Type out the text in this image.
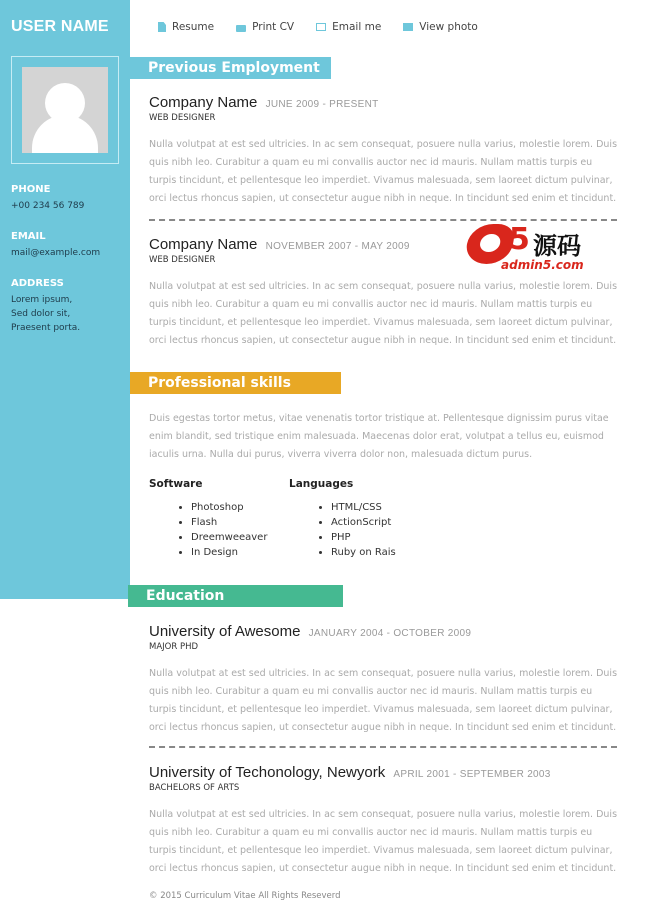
USER NAME
PHONE
+00 234 56 789
EMAIL
mail@example.com
ADDRESS
Lorem ipsum,
Sed dolor sit,
Praesent porta.
Resume	Print CV	Email me	View photo
Previous Employment
Company Name JUNE 2009 - PRESENT
WEB DESIGNER
Nulla volutpat at est sed ultricies. In ac sem consequat, posuere nulla varius, molestie lorem. Duis quis nibh leo. Curabitur a quam eu mi convallis auctor nec id mauris. Nullam mattis turpis eu turpis tincidunt, et pellentesque leo imperdiet. Vivamus malesuada, sem laoreet dictum pulvinar, orci lectus rhoncus sapien, ut consectetur augue nibh in neque. In tincidunt sed enim et tincidunt.
Company Name NOVEMBER 2007 - MAY 2009
WEB DESIGNER
Nulla volutpat at est sed ultricies. In ac sem consequat, posuere nulla varius, molestie lorem. Duis quis nibh leo. Curabitur a quam eu mi convallis auctor nec id mauris. Nullam mattis turpis eu turpis tincidunt, et pellentesque leo imperdiet. Vivamus malesuada, sem laoreet dictum pulvinar, orci lectus rhoncus sapien, ut consectetur augue nibh in neque. In tincidunt sed enim et tincidunt.
5 源码
admin5.com
Professional skills
Duis egestas tortor metus, vitae venenatis tortor tristique at. Pellentesque dignissim purus vitae enim blandit, sed tristique enim malesuada. Maecenas dolor erat, volutpat a tellus eu, euismod iaculis urna. Nulla dui purus, viverra viverra dolor non, malesuada dictum purus.
Software
• Photoshop
• Flash
• Dreemweeaver
• In Design
Languages
• HTML/CSS
• ActionScript
• PHP
• Ruby on Rais
Education
University of Awesome JANUARY 2004 - OCTOBER 2009
MAJOR PHD
Nulla volutpat at est sed ultricies. In ac sem consequat, posuere nulla varius, molestie lorem. Duis quis nibh leo. Curabitur a quam eu mi convallis auctor nec id mauris. Nullam mattis turpis eu turpis tincidunt, et pellentesque leo imperdiet. Vivamus malesuada, sem laoreet dictum pulvinar, orci lectus rhoncus sapien, ut consectetur augue nibh in neque. In tincidunt sed enim et tincidunt.
University of Techonology, Newyork APRIL 2001 - SEPTEMBER 2003
BACHELORS OF ARTS
Nulla volutpat at est sed ultricies. In ac sem consequat, posuere nulla varius, molestie lorem. Duis quis nibh leo. Curabitur a quam eu mi convallis auctor nec id mauris. Nullam mattis turpis eu turpis tincidunt, et pellentesque leo imperdiet. Vivamus malesuada, sem laoreet dictum pulvinar, orci lectus rhoncus sapien, ut consectetur augue nibh in neque. In tincidunt sed enim et tincidunt.
© 2015 Curriculum Vitae All Rights Reseverd
